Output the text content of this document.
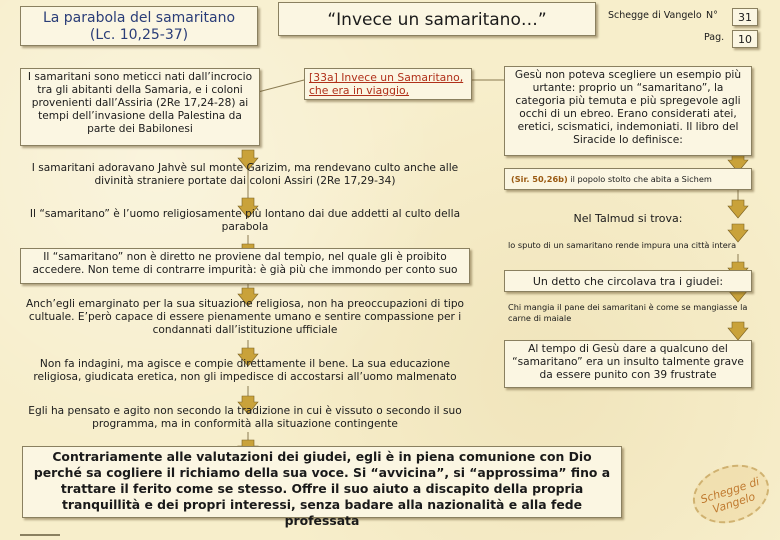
La parabola del samaritano
(Lc. 10,25-37)
“Invece un samaritano…”	Schegge di Vangelo N°	31
Pag.	10
I samaritani sono meticci nati dall’incrocio tra gli abitanti della Samaria, e i coloni provenienti dall’Assiria (2Re 17,24-28) ai tempi dell’invasione della Palestina da parte dei Babilonesi
I samaritani adoravano Jahvè sul monte Garizim, ma rendevano culto anche alle divinità straniere portate dai coloni Assiri (2Re 17,29-34)
Il “samaritano” è l’uomo religiosamente più lontano dai due addetti al culto della parabola
Il “samaritano” non è diretto ne proviene dal tempio, nel quale gli è proibito accedere. Non teme di contrarre impurità: è già più che immondo per conto suo
Anch’egli emarginato per la sua situazione religiosa, non ha preoccupazioni di tipo cultuale. E’però capace di essere pienamente umano e sentire compassione per i condannati dall’istituzione ufficiale
Non fa indagini, ma agisce e compie direttamente il bene. La sua educazione religiosa, giudicata eretica, non gli impedisce di accostarsi all’uomo malmenato
Egli ha pensato e agito non secondo la tradizione in cui è vissuto o secondo il suo programma, ma in conformità alla situazione contingente
[33a] Invece un Samaritano, che era in viaggio,
Gesù non poteva scegliere un esempio più urtante: proprio un “samaritano”, la categoria più temuta e più spregevole agli occhi di un ebreo. Erano considerati atei, eretici, scismatici, indemoniati. Il libro del Siracide lo definisce:
(Sir. 50,26b) il popolo stolto che abita a Sichem
Nel Talmud si trova:
lo sputo di un samaritano rende impura una città intera
Un detto che circolava tra i giudei:
Chi mangia il pane dei samaritani è come se mangiasse la carne di maiale
Al tempo di Gesù dare a qualcuno del “samaritano” era un insulto talmente grave da essere punito con 39 frustrate
Contrariamente alle valutazioni dei giudei, egli è in piena comunione con Dio perché sa cogliere il richiamo della sua voce. Si “avvicina”, si “approssima” fino a trattare il ferito come se stesso. Offre il suo aiuto a discapito della propria tranquillità e dei propri interessi, senza badare alla nazionalità e alla fede professata
Schegge di Vangelo
